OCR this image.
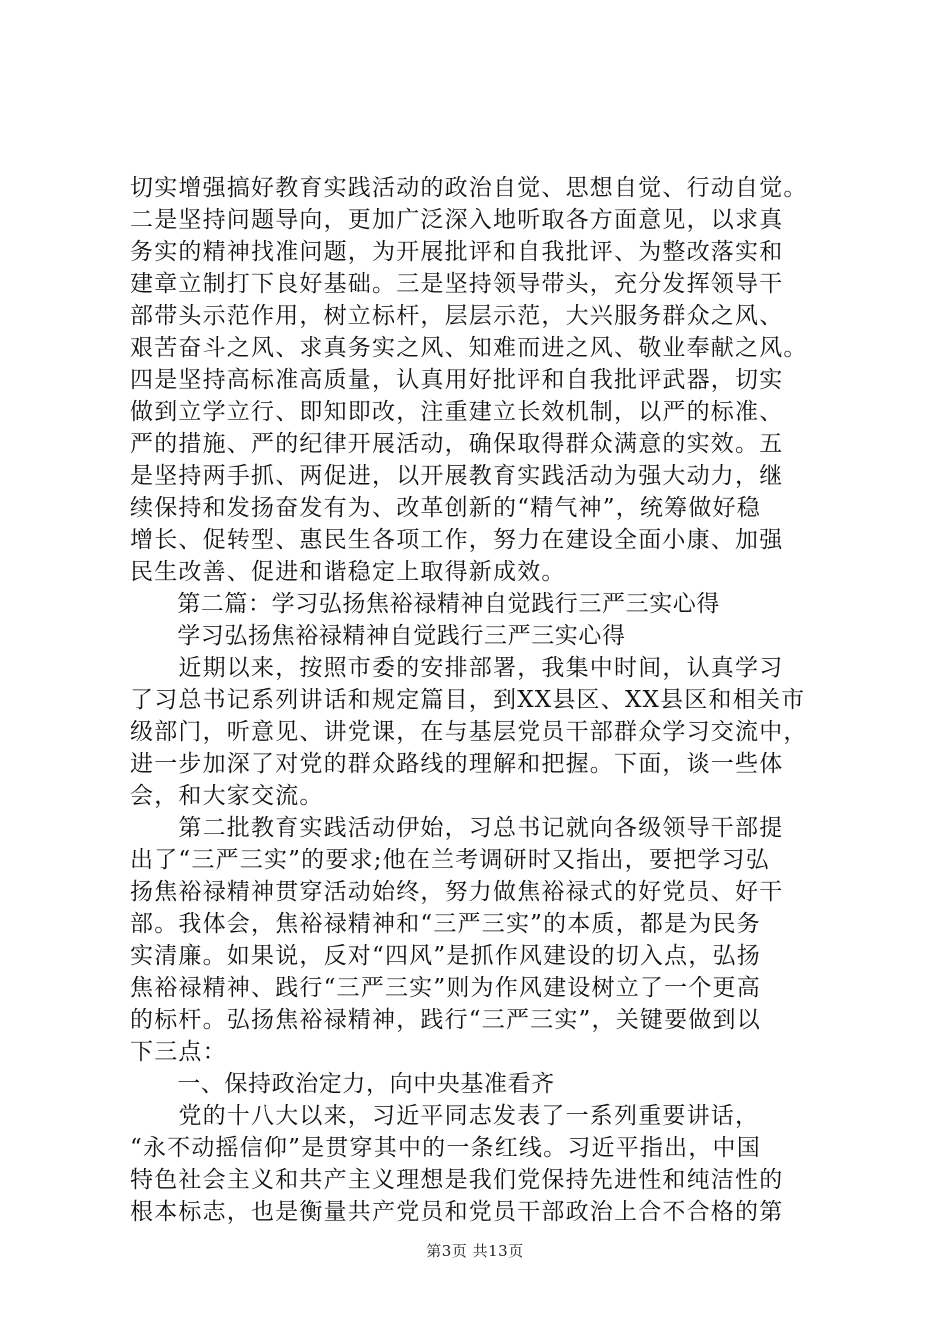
切实增强搞好教育实践活动的政治自觉、思想自觉、行动自觉。
二是坚持问题导向，更加广泛深入地听取各方面意见，以求真
务实的精神找准问题，为开展批评和自我批评、为整改落实和
建章立制打下良好基础。三是坚持领导带头，充分发挥领导干
部带头示范作用，树立标杆，层层示范，大兴服务群众之风、
艰苦奋斗之风、求真务实之风、知难而进之风、敬业奉献之风。
四是坚持高标准高质量，认真用好批评和自我批评武器，切实
做到立学立行、即知即改，注重建立长效机制，以严的标准、
严的措施、严的纪律开展活动，确保取得群众满意的实效。五
是坚持两手抓、两促进，以开展教育实践活动为强大动力，继
续保持和发扬奋发有为、改革创新的“精气神”，统筹做好稳
增长、促转型、惠民生各项工作，努力在建设全面小康、加强
民生改善、促进和谐稳定上取得新成效。
　　第二篇：学习弘扬焦裕禄精神自觉践行三严三实心得
　　学习弘扬焦裕禄精神自觉践行三严三实心得
　　近期以来，按照市委的安排部署，我集中时间，认真学习
了习总书记系列讲话和规定篇目，到XX县区、XX县区和相关市
级部门，听意见、讲党课，在与基层党员干部群众学习交流中，
进一步加深了对党的群众路线的理解和把握。下面，谈一些体
会，和大家交流。
　　第二批教育实践活动伊始，习总书记就向各级领导干部提
出了“三严三实”的要求;他在兰考调研时又指出，要把学习弘
扬焦裕禄精神贯穿活动始终，努力做焦裕禄式的好党员、好干
部。我体会，焦裕禄精神和“三严三实”的本质，都是为民务
实清廉。如果说，反对“四风”是抓作风建设的切入点，弘扬
焦裕禄精神、践行“三严三实”则为作风建设树立了一个更高
的标杆。弘扬焦裕禄精神，践行“三严三实”，关键要做到以
下三点：
　　一、保持政治定力，向中央基准看齐
　　党的十八大以来，习近平同志发表了一系列重要讲话，
“永不动摇信仰”是贯穿其中的一条红线。习近平指出，中国
特色社会主义和共产主义理想是我们党保持先进性和纯洁性的
根本标志，也是衡量共产党员和党员干部政治上合不合格的第
第3页 共13页
